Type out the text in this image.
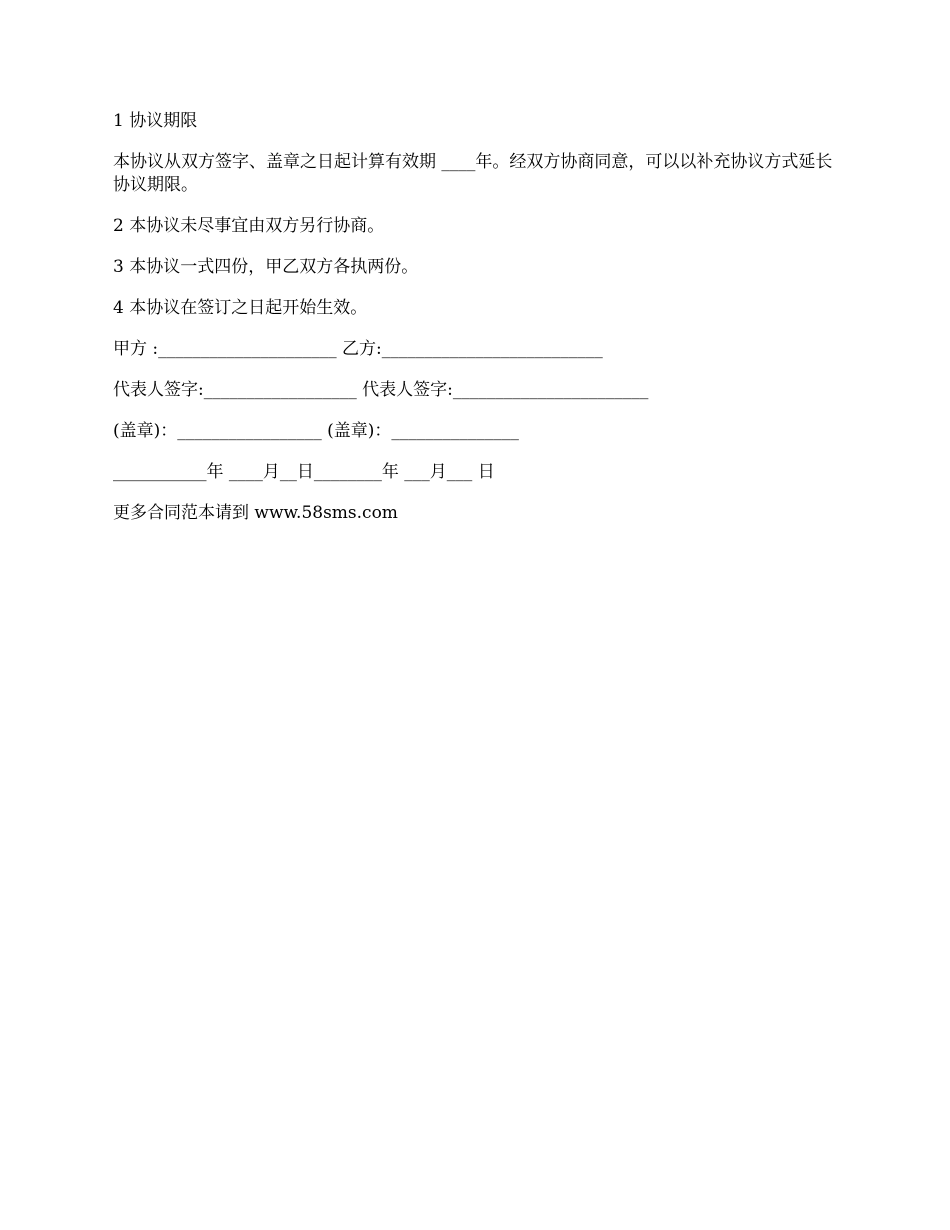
1 协议期限

本协议从双方签字、盖章之日起计算有效期 ____年。经双方协商同意，可以以补充协议方式延长协议期限。

2 本协议未尽事宜由双方另行协商。

3 本协议一式四份，甲乙双方各执两份。

4 本协议在签订之日起开始生效。

甲方 :_____________________ 乙方:__________________________

代表人签字:__________________ 代表人签字:_______________________

(盖章)：_________________ (盖章)：_______________

___________年 ____月__日________年 ___月___ 日

更多合同范本请到 www.58sms.com
